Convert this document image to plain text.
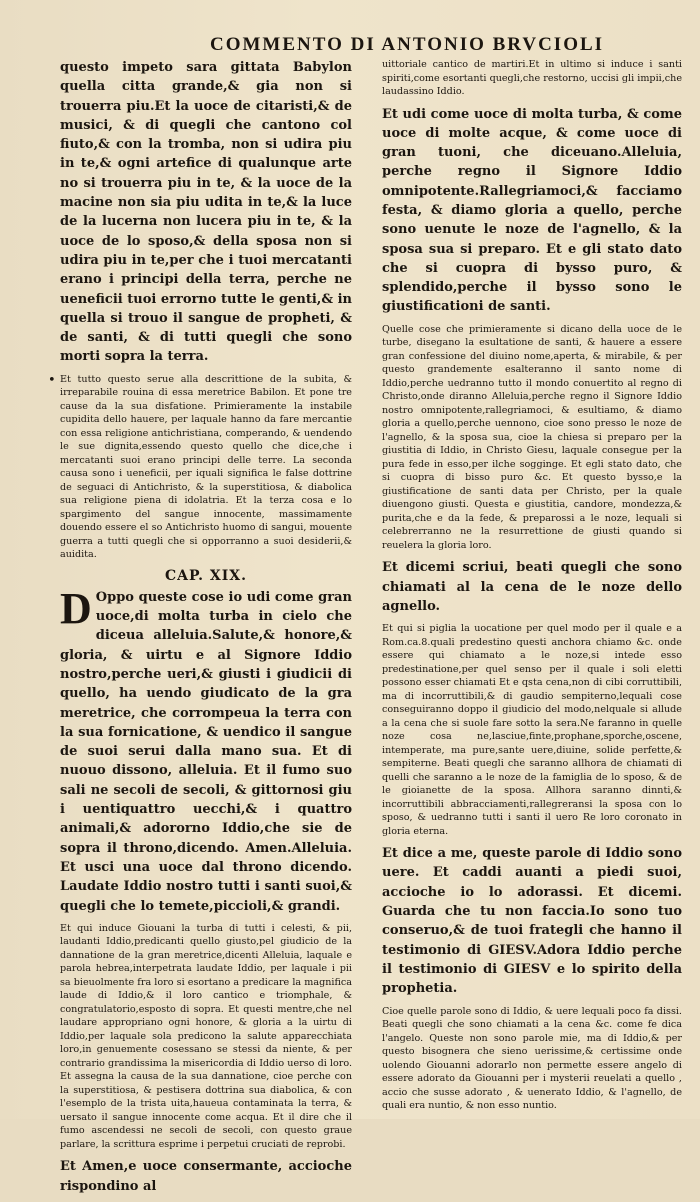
COMMENTO DI ANTONIO BRVCIOLI

questo impeto sara gittata Babylon quella citta grande,& gia non si trouerra piu.Et la uoce de citaristi,& de musici, & di quegli che cantono col fiuto,& con la tromba, non si udira piu in te,& ogni artefice di qualunque arte no si trouerra piu in te, & la uoce de la macine non sia piu udita in te,& la luce de la lucerna non lucera piu in te, & la uoce de lo sposo,& della sposa non si udira piu in te,per che i tuoi mercatanti erano i principi della terra, perche ne ueneficii tuoi errorno tutte le genti,& in quella si trouo il sangue de propheti, & de santi, & di tutti quegli che sono morti sopra la terra.

• Et tutto questo serue alla descrittione de la subita, & irreparabile rouina di essa meretrice Babilon. Et pone tre cause da la sua disfatione. Primieramente la instabile cupidita dello hauere, per laquale hanno da fare mercantie con essa religione antichristiana, comperando, & uendendo le sue dignita,essendo questo quello che dice,che i mercatanti suoi erano principi delle terre. La seconda causa sono i ueneficii, per iquali significa le false dottrine de seguaci di Antichristo, & la superstitiosa, & diabolica sua religione piena di idolatria. Et la terza cosa e lo spargimento del sangue innocente, massimamente douendo essere el so Antichristo huomo di sangui, mouente guerra a tutti quegli che si opporranno a suoi desiderii,& auidita.

CAP. XIX.

D Oppo queste cose io udi come gran uoce,di molta turba in cielo che diceua alleluia.Salute,& honore,& gloria, & uirtu e al Signore Iddio nostro,perche ueri,& giusti i giudicii di quello, ha uendo giudicato de la gra meretrice, che corrompeua la terra con la sua fornicatione, & uendico il sangue de suoi serui dalla mano sua. Et di nuouo dissono, alleluia. Et il fumo suo sali ne secoli de secoli, & gittornosi giu i uentiquattro uecchi,& i quattro animali,& adororno Iddio,che sie de sopra il throno,dicendo. Amen.Alleluia. Et usci una uoce dal throno dicendo. Laudate Iddio nostro tutti i santi suoi,& quegli che lo temete,piccioli,& grandi.

Et qui induce Giouani la turba di tutti i celesti, & pii, laudanti Iddio,predicanti quello giusto,pel giudicio de la dannatione de la gran meretrice,dicenti Alleluia, laquale e parola hebrea,interpetrata laudate Iddio, per laquale i pii sa bieuolmente fra loro si esortano a predicare la magnifica laude di Iddio,& il loro cantico e triomphale, & congratulatorio,esposto di sopra. Et questi mentre,che nel laudare appropriano ogni honore, & gloria a la uirtu di Iddio,per laquale sola predicono la salute apparecchiata loro,in genuemente cosessano se stessi da niente, & per contrario grandissima la misericordia di Iddio uerso di loro. Et assegna la causa de la sua dannatione, cioe perche con la superstitiosa, & pestisera dottrina sua diabolica, & con l'esemplo de la trista uita,haueua contaminata la terra, & uersato il sangue innocente come acqua. Et il dire che il fumo ascendessi ne secoli de secoli, con questo graue parlare, la scrittura esprime i perpetui cruciati de reprobi.

Et Amen,e uoce consermante, accioche rispondino al

uittoriale cantico de martiri.Et in ultimo si induce i santi spiriti,come esortanti quegli,che restorno, uccisi gli impii,che laudassino Iddio.

Et udi come uoce di molta turba, & come uoce di molte acque, & come uoce di gran tuoni, che diceuano.Alleluia, perche regno il Signore Iddio omnipotente.Rallegriamoci,& facciamo festa, & diamo gloria a quello, perche sono uenute le noze de l'agnello, & la sposa sua si preparo. Et e gli stato dato che si cuopra di bysso puro, & splendido,perche il bysso sono le giustificationi de santi.

Quelle cose che primieramente si dicano della uoce de le turbe, disegano la esultatione de santi, & hauere a essere gran confessione del diuino nome,aperta, & mirabile, & per questo grandemente esalteranno il santo nome di Iddio,perche uedranno tutto il mondo conuertito al regno di Christo,onde diranno Alleluia,perche regno il Signore Iddio nostro omnipotente,rallegriamoci, & esultiamo, & diamo gloria a quello,perche uennono, cioe sono presso le noze de l'agnello, & la sposa sua, cioe la chiesa si preparo per la giustitia di Iddio, in Christo Giesu, laquale consegue per la pura fede in esso,per ilche sogginge. Et egli stato dato, che si cuopra di bisso puro &c. Et questo bysso,e la giustificatione de santi data per Christo, per la quale diuengono giusti. Questa e giustitia, candore, mondezza,& purita,che e da la fede, & preparossi a le noze, lequali si celebrerranno ne la resurrettione de giusti quando si reuelera la gloria loro.

Et dicemi scriui, beati quegli che sono chiamati al la cena de le noze dello agnello.

Et qui si piglia la uocatione per quel modo per il quale e a Rom.ca.8.quali predestino questi anchora chiamo &c. onde essere qui chiamato a le noze,si intede esso predestinatione,per quel senso per il quale i soli eletti possono esser chiamati Et e qsta cena,non di cibi corruttibili, ma di incorruttibili,& di gaudio sempiterno,lequali cose conseguiranno doppo il giudicio del modo,nelquale si allude a la cena che si suole fare sotto la sera.Ne faranno in quelle noze cosa ne,lasciue,finte,prophane,sporche,oscene, intemperate, ma pure,sante uere,diuine, solide perfette,& sempiterne. Beati quegli che saranno allhora de chiamati di quelli che saranno a le noze de la famiglia de lo sposo, & de le gioianette de la sposa. Allhora saranno dinnti,& incorruttibili abbracciamenti,rallegreransi la sposa con lo sposo, & uedranno tutti i santi il uero Re loro coronato in gloria eterna.

Et dice a me, queste parole di Iddio sono uere. Et caddi auanti a piedi suoi, accioche io lo adorassi. Et dicemi. Guarda che tu non faccia.Io sono tuo conseruo,& de tuoi frategli che hanno il testimonio di GIESV.Adora Iddio perche il testimonio di GIESV e lo spirito della prophetia.

Cioe quelle parole sono di Iddio, & uere lequali poco fa dissi. Beati quegli che sono chiamati a la cena &c. come fe dica l'angelo. Queste non sono parole mie, ma di Iddio,& per questo bisognera che sieno uerissime,& certissime onde uolendo Giouanni adorarlo non permette essere angelo di essere adorato da Giouanni per i mysterii reuelati a quello , accio che susse adorato , & uenerato Iddio, & l'agnello, de quali era nuntio, & non esso nuntio.
